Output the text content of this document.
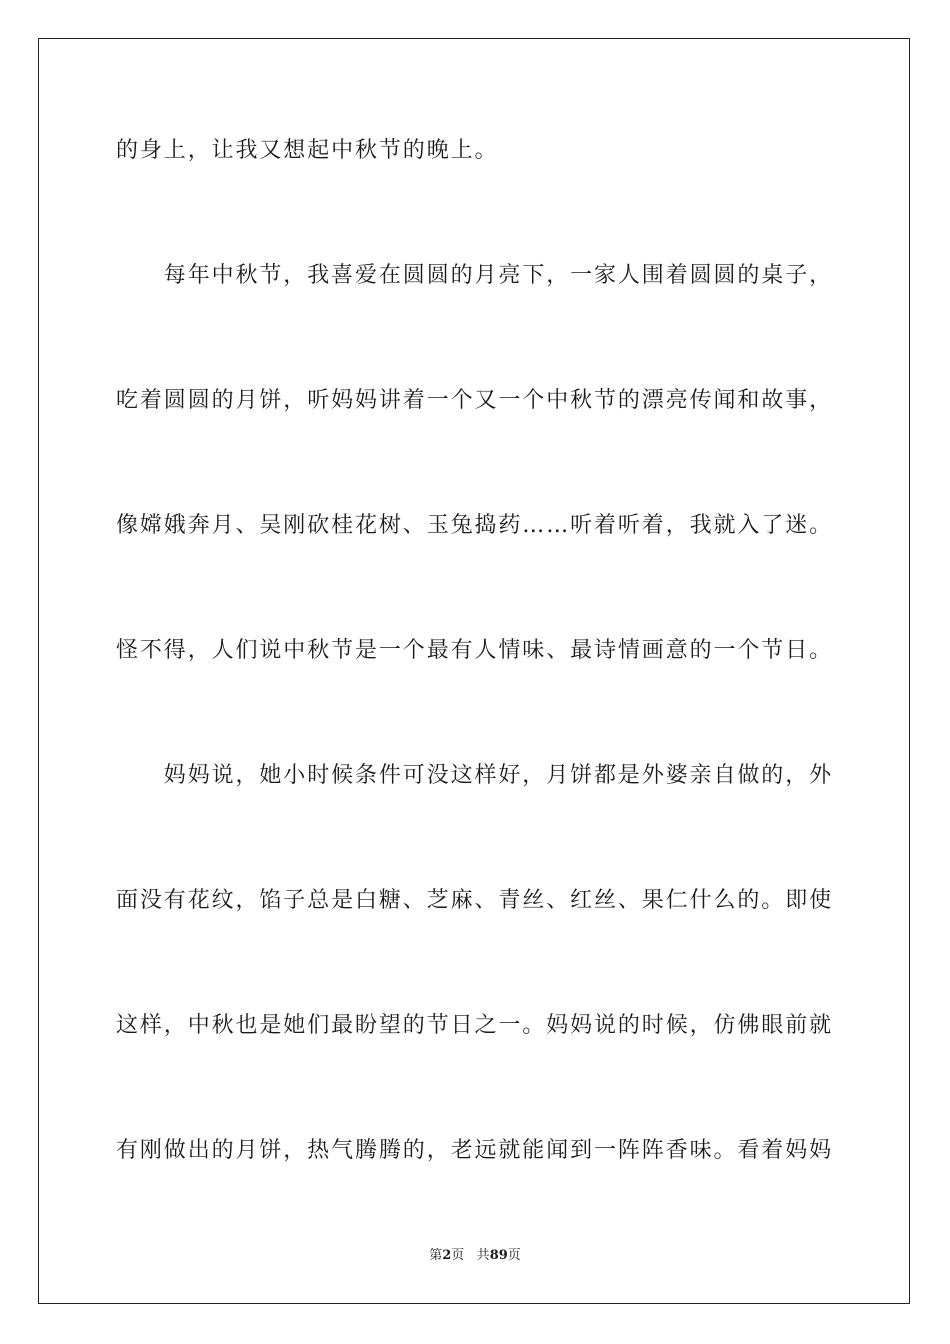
的身上，让我又想起中秋节的晚上。
　　每年中秋节，我喜爱在圆圆的月亮下，一家人围着圆圆的桌子，
吃着圆圆的月饼，听妈妈讲着一个又一个中秋节的漂亮传闻和故事，
像嫦娥奔月、吴刚砍桂花树、玉兔捣药……听着听着，我就入了迷。
怪不得，人们说中秋节是一个最有人情味、最诗情画意的一个节日。
　　妈妈说，她小时候条件可没这样好，月饼都是外婆亲自做的，外
面没有花纹，馅子总是白糖、芝麻、青丝、红丝、果仁什么的。即使
这样，中秋也是她们最盼望的节日之一。妈妈说的时候，仿佛眼前就
有刚做出的月饼，热气腾腾的，老远就能闻到一阵阵香味。看着妈妈
第2页 共89页
